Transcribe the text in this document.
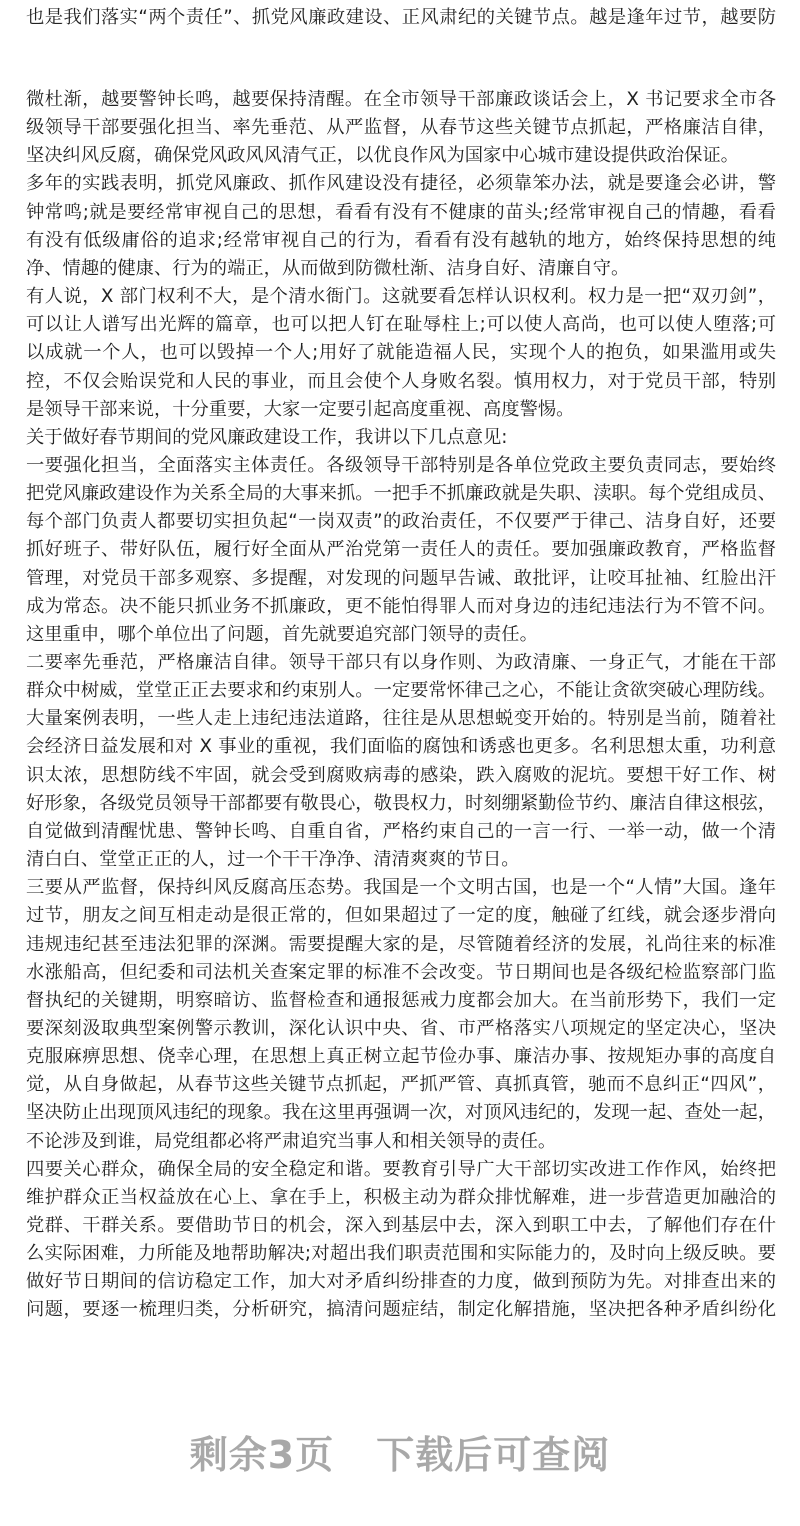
也是我们落实“两个责任”、抓党风廉政建设、正风肃纪的关键节点。越是逢年过节，越要防
微杜渐，越要警钟长鸣，越要保持清醒。在全市领导干部廉政谈话会上，X 书记要求全市各
级领导干部要强化担当、率先垂范、从严监督，从春节这些关键节点抓起，严格廉洁自律，
坚决纠风反腐，确保党风政风风清气正，以优良作风为国家中心城市建设提供政治保证。
多年的实践表明，抓党风廉政、抓作风建设没有捷径，必须靠笨办法，就是要逢会必讲，警
钟常鸣;就是要经常审视自己的思想，看看有没有不健康的苗头;经常审视自己的情趣，看看
有没有低级庸俗的追求;经常审视自己的行为，看看有没有越轨的地方，始终保持思想的纯
净、情趣的健康、行为的端正，从而做到防微杜渐、洁身自好、清廉自守。
有人说，X 部门权利不大，是个清水衙门。这就要看怎样认识权利。权力是一把“双刃剑”，
可以让人谱写出光辉的篇章，也可以把人钉在耻辱柱上;可以使人高尚，也可以使人堕落;可
以成就一个人，也可以毁掉一个人;用好了就能造福人民，实现个人的抱负，如果滥用或失
控，不仅会贻误党和人民的事业，而且会使个人身败名裂。慎用权力，对于党员干部，特别
是领导干部来说，十分重要，大家一定要引起高度重视、高度警惕。
关于做好春节期间的党风廉政建设工作，我讲以下几点意见:
一要强化担当，全面落实主体责任。各级领导干部特别是各单位党政主要负责同志，要始终
把党风廉政建设作为关系全局的大事来抓。一把手不抓廉政就是失职、渎职。每个党组成员、
每个部门负责人都要切实担负起“一岗双责”的政治责任，不仅要严于律己、洁身自好，还要
抓好班子、带好队伍，履行好全面从严治党第一责任人的责任。要加强廉政教育，严格监督
管理，对党员干部多观察、多提醒，对发现的问题早告诫、敢批评，让咬耳扯袖、红脸出汗
成为常态。决不能只抓业务不抓廉政，更不能怕得罪人而对身边的违纪违法行为不管不问。
这里重申，哪个单位出了问题，首先就要追究部门领导的责任。
二要率先垂范，严格廉洁自律。领导干部只有以身作则、为政清廉、一身正气，才能在干部
群众中树威，堂堂正正去要求和约束别人。一定要常怀律己之心，不能让贪欲突破心理防线。
大量案例表明，一些人走上违纪违法道路，往往是从思想蜕变开始的。特别是当前，随着社
会经济日益发展和对 X 事业的重视，我们面临的腐蚀和诱惑也更多。名利思想太重，功利意
识太浓，思想防线不牢固，就会受到腐败病毒的感染，跌入腐败的泥坑。要想干好工作、树
好形象，各级党员领导干部都要有敬畏心，敬畏权力，时刻绷紧勤俭节约、廉洁自律这根弦，
自觉做到清醒忧患、警钟长鸣、自重自省，严格约束自己的一言一行、一举一动，做一个清
清白白、堂堂正正的人，过一个干干净净、清清爽爽的节日。
三要从严监督，保持纠风反腐高压态势。我国是一个文明古国，也是一个“人情”大国。逢年
过节，朋友之间互相走动是很正常的，但如果超过了一定的度，触碰了红线，就会逐步滑向
违规违纪甚至违法犯罪的深渊。需要提醒大家的是，尽管随着经济的发展，礼尚往来的标准
水涨船高，但纪委和司法机关查案定罪的标准不会改变。节日期间也是各级纪检监察部门监
督执纪的关键期，明察暗访、监督检查和通报惩戒力度都会加大。在当前形势下，我们一定
要深刻汲取典型案例警示教训，深化认识中央、省、市严格落实八项规定的坚定决心，坚决
克服麻痹思想、侥幸心理，在思想上真正树立起节俭办事、廉洁办事、按规矩办事的高度自
觉，从自身做起，从春节这些关键节点抓起，严抓严管、真抓真管，驰而不息纠正“四风”，
坚决防止出现顶风违纪的现象。我在这里再强调一次，对顶风违纪的，发现一起、查处一起，
不论涉及到谁，局党组都必将严肃追究当事人和相关领导的责任。
四要关心群众，确保全局的安全稳定和谐。要教育引导广大干部切实改进工作作风，始终把
维护群众正当权益放在心上、拿在手上，积极主动为群众排忧解难，进一步营造更加融洽的
党群、干群关系。要借助节日的机会，深入到基层中去，深入到职工中去，了解他们存在什
么实际困难，力所能及地帮助解决;对超出我们职责范围和实际能力的，及时向上级反映。要
做好节日期间的信访稳定工作，加大对矛盾纠纷排查的力度，做到预防为先。对排查出来的
问题，要逐一梳理归类，分析研究，搞清问题症结，制定化解措施，坚决把各种矛盾纠纷化
剩余3页 下载后可查阅
